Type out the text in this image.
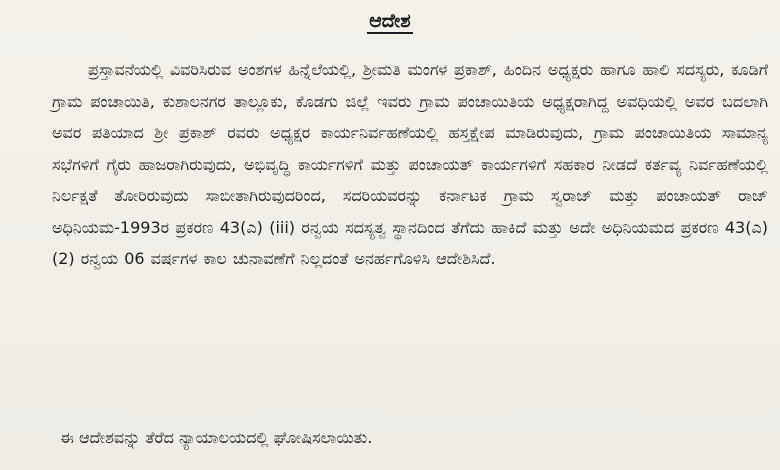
ಆದೇಶ
ಪ್ರಸ್ತಾವನೆಯಲ್ಲಿ ವಿವರಿಸಿರುವ ಅಂಶಗಳ ಹಿನ್ನೆಲೆಯಲ್ಲಿ, ಶ್ರೀಮತಿ ಮಂಗಳ ಪ್ರಕಾಶ್, ಹಿಂದಿನ ಅಧ್ಯಕ್ಷರು ಹಾಗೂ ಹಾಲಿ ಸದಸ್ಯರು, ಕೂಡಿಗೆ ಗ್ರಾಮ ಪಂಚಾಯಿತಿ, ಕುಶಾಲನಗರ ತಾಲ್ಲೂಕು, ಕೊಡಗು ಜಿಲ್ಲೆ ಇವರು ಗ್ರಾಮ ಪಂಚಾಯಿತಿಯ ಅಧ್ಯಕ್ಷರಾಗಿದ್ದ ಅವಧಿಯಲ್ಲಿ ಅವರ ಬದಲಾಗಿ ಅವರ ಪತಿಯಾದ ಶ್ರೀ ಪ್ರಕಾಶ್ ರವರು ಅಧ್ಯಕ್ಷರ ಕಾರ್ಯನಿರ್ವಹಣೆಯಲ್ಲಿ ಹಸ್ತಕ್ಷೇಪ ಮಾಡಿರುವುದು, ಗ್ರಾಮ ಪಂಚಾಯಿತಿಯ ಸಾಮಾನ್ಯ ಸಭೆಗಳಿಗೆ ಗೈರು ಹಾಜರಾಗಿರುವುದು, ಅಭಿವೃದ್ಧಿ ಕಾರ್ಯಗಳಿಗೆ ಮತ್ತು ಪಂಚಾಯತ್ ಕಾರ್ಯಗಳಿಗೆ ಸಹಕಾರ ನೀಡದೆ ಕರ್ತವ್ಯ ನಿರ್ವಹಣೆಯಲ್ಲಿ ನಿರ್ಲಕ್ಷತೆ ತೋರಿರುವುದು ಸಾಬೀತಾಗಿರುವುದರಿಂದ, ಸದರಿಯವರನ್ನು ಕರ್ನಾಟಕ ಗ್ರಾಮ ಸ್ವರಾಜ್ ಮತ್ತು ಪಂಚಾಯತ್ ರಾಜ್ ಅಧಿನಿಯಮ-1993ರ ಪ್ರಕರಣ 43(ಎ) (iii) ರನ್ವಯ ಸದಸ್ಯತ್ವ ಸ್ಥಾನದಿಂದ ತೆಗೆದು ಹಾಕಿದೆ ಮತ್ತು ಅದೇ ಅಧಿನಿಯಮದ ಪ್ರಕರಣ 43(ಎ)(2) ರನ್ವಯ 06 ವರ್ಷಗಳ ಕಾಲ ಚುನಾವಣೆಗೆ ನಿಲ್ಲದಂತೆ ಅನರ್ಹಗೊಳಿಸಿ ಆದೇಶಿಸಿದೆ.
ಈ ಆದೇಶವನ್ನು ತೆರೆದ ನ್ಯಾಯಾಲಯದಲ್ಲಿ ಘೋಷಿಸಲಾಯಿತು.
